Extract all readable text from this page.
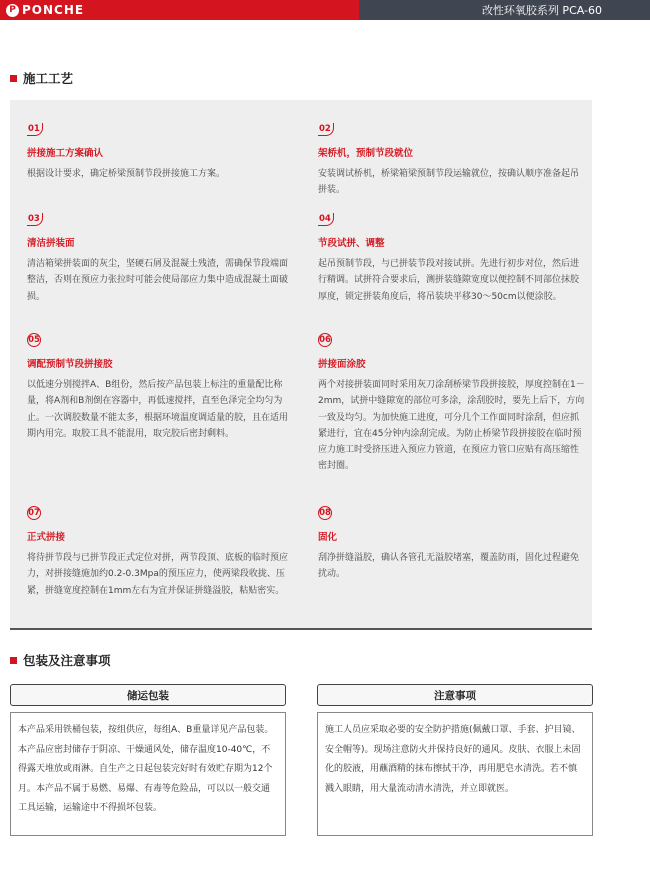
P PONCHE	改性环氧胶系列 PCA-60
施工工艺
01
拼接施工方案确认
根据设计要求，确定桥梁预制节段拼接施工方案。
02
架桥机，预制节段就位
安装调试桥机，桥梁箱梁预制节段运输就位，按确认顺序准备起吊拼装。
03
清洁拼装面
清洁箱梁拼装面的灰尘，坚硬石屑及混凝土残渣，需确保节段端面整洁，否则在预应力张拉时可能会使局部应力集中造成混凝土面破损。
04
节段试拼、调整
起吊预制节段，与已拼装节段对接试拼。先进行初步对位，然后进行精调。试拼符合要求后，测拼装缝隙宽度以便控制不同部位抹胶厚度，锁定拼装角度后，将吊装块平移30～50cm以便涂胶。
05
调配预制节段拼接胶
以低速分别搅拌A、B组份，然后按产品包装上标注的重量配比称量，将A剂和B剂倒在容器中，再低速搅拌，直至色泽完全均匀为止。一次调胶数量不能太多，根据环境温度调适量的胶，且在适用期内用完。取胶工具不能混用，取完胶后密封剩料。
06
拼接面涂胶
两个对接拼装面同时采用灰刀涂刮桥梁节段拼接胶，厚度控制在1－2mm，试拼中缝隙宽的部位可多涂，涂刮胶时，要先上后下，方向一致及均匀。为加快施工进度，可分几个工作面同时涂刮，但应抓紧进行，宜在45分钟内涂刮完成。为防止桥梁节段拼接胶在临时预应力施工时受挤压进入预应力管道，在预应力管口应贴有高压缩性密封圈。
07
正式拼接
将待拼节段与已拼节段正式定位对拼，两节段顶、底板的临时预应力，对拼接缝施加约0.2-0.3Mpa的预压应力，使两梁段收拢、压紧，拼缝宽度控制在1mm左右为宜并保证拼缝溢胶，粘贴密实。
08
固化
刮净拼缝溢胶，确认各管孔无溢胶堵塞，覆盖防雨，固化过程避免扰动。
包装及注意事项
储运包装
本产品采用铁桶包装，按组供应，每组A、B重量详见产品包装。本产品应密封储存于阴凉、干燥通风处，储存温度10-40℃，不得露天堆放或雨淋。自生产之日起包装完好时有效贮存期为12个月。本产品不属于易燃、易爆、有毒等危险品，可以以一般交通工具运输，运输途中不得损坏包装。
注意事项
施工人员应采取必要的安全防护措施(佩戴口罩、手套、护目镜、安全帽等)。现场注意防火并保持良好的通风。皮肤、衣服上未固化的胶液，用蘸酒精的抹布擦拭干净，再用肥皂水清洗。若不慎溅入眼睛，用大量流动清水清洗，并立即就医。
